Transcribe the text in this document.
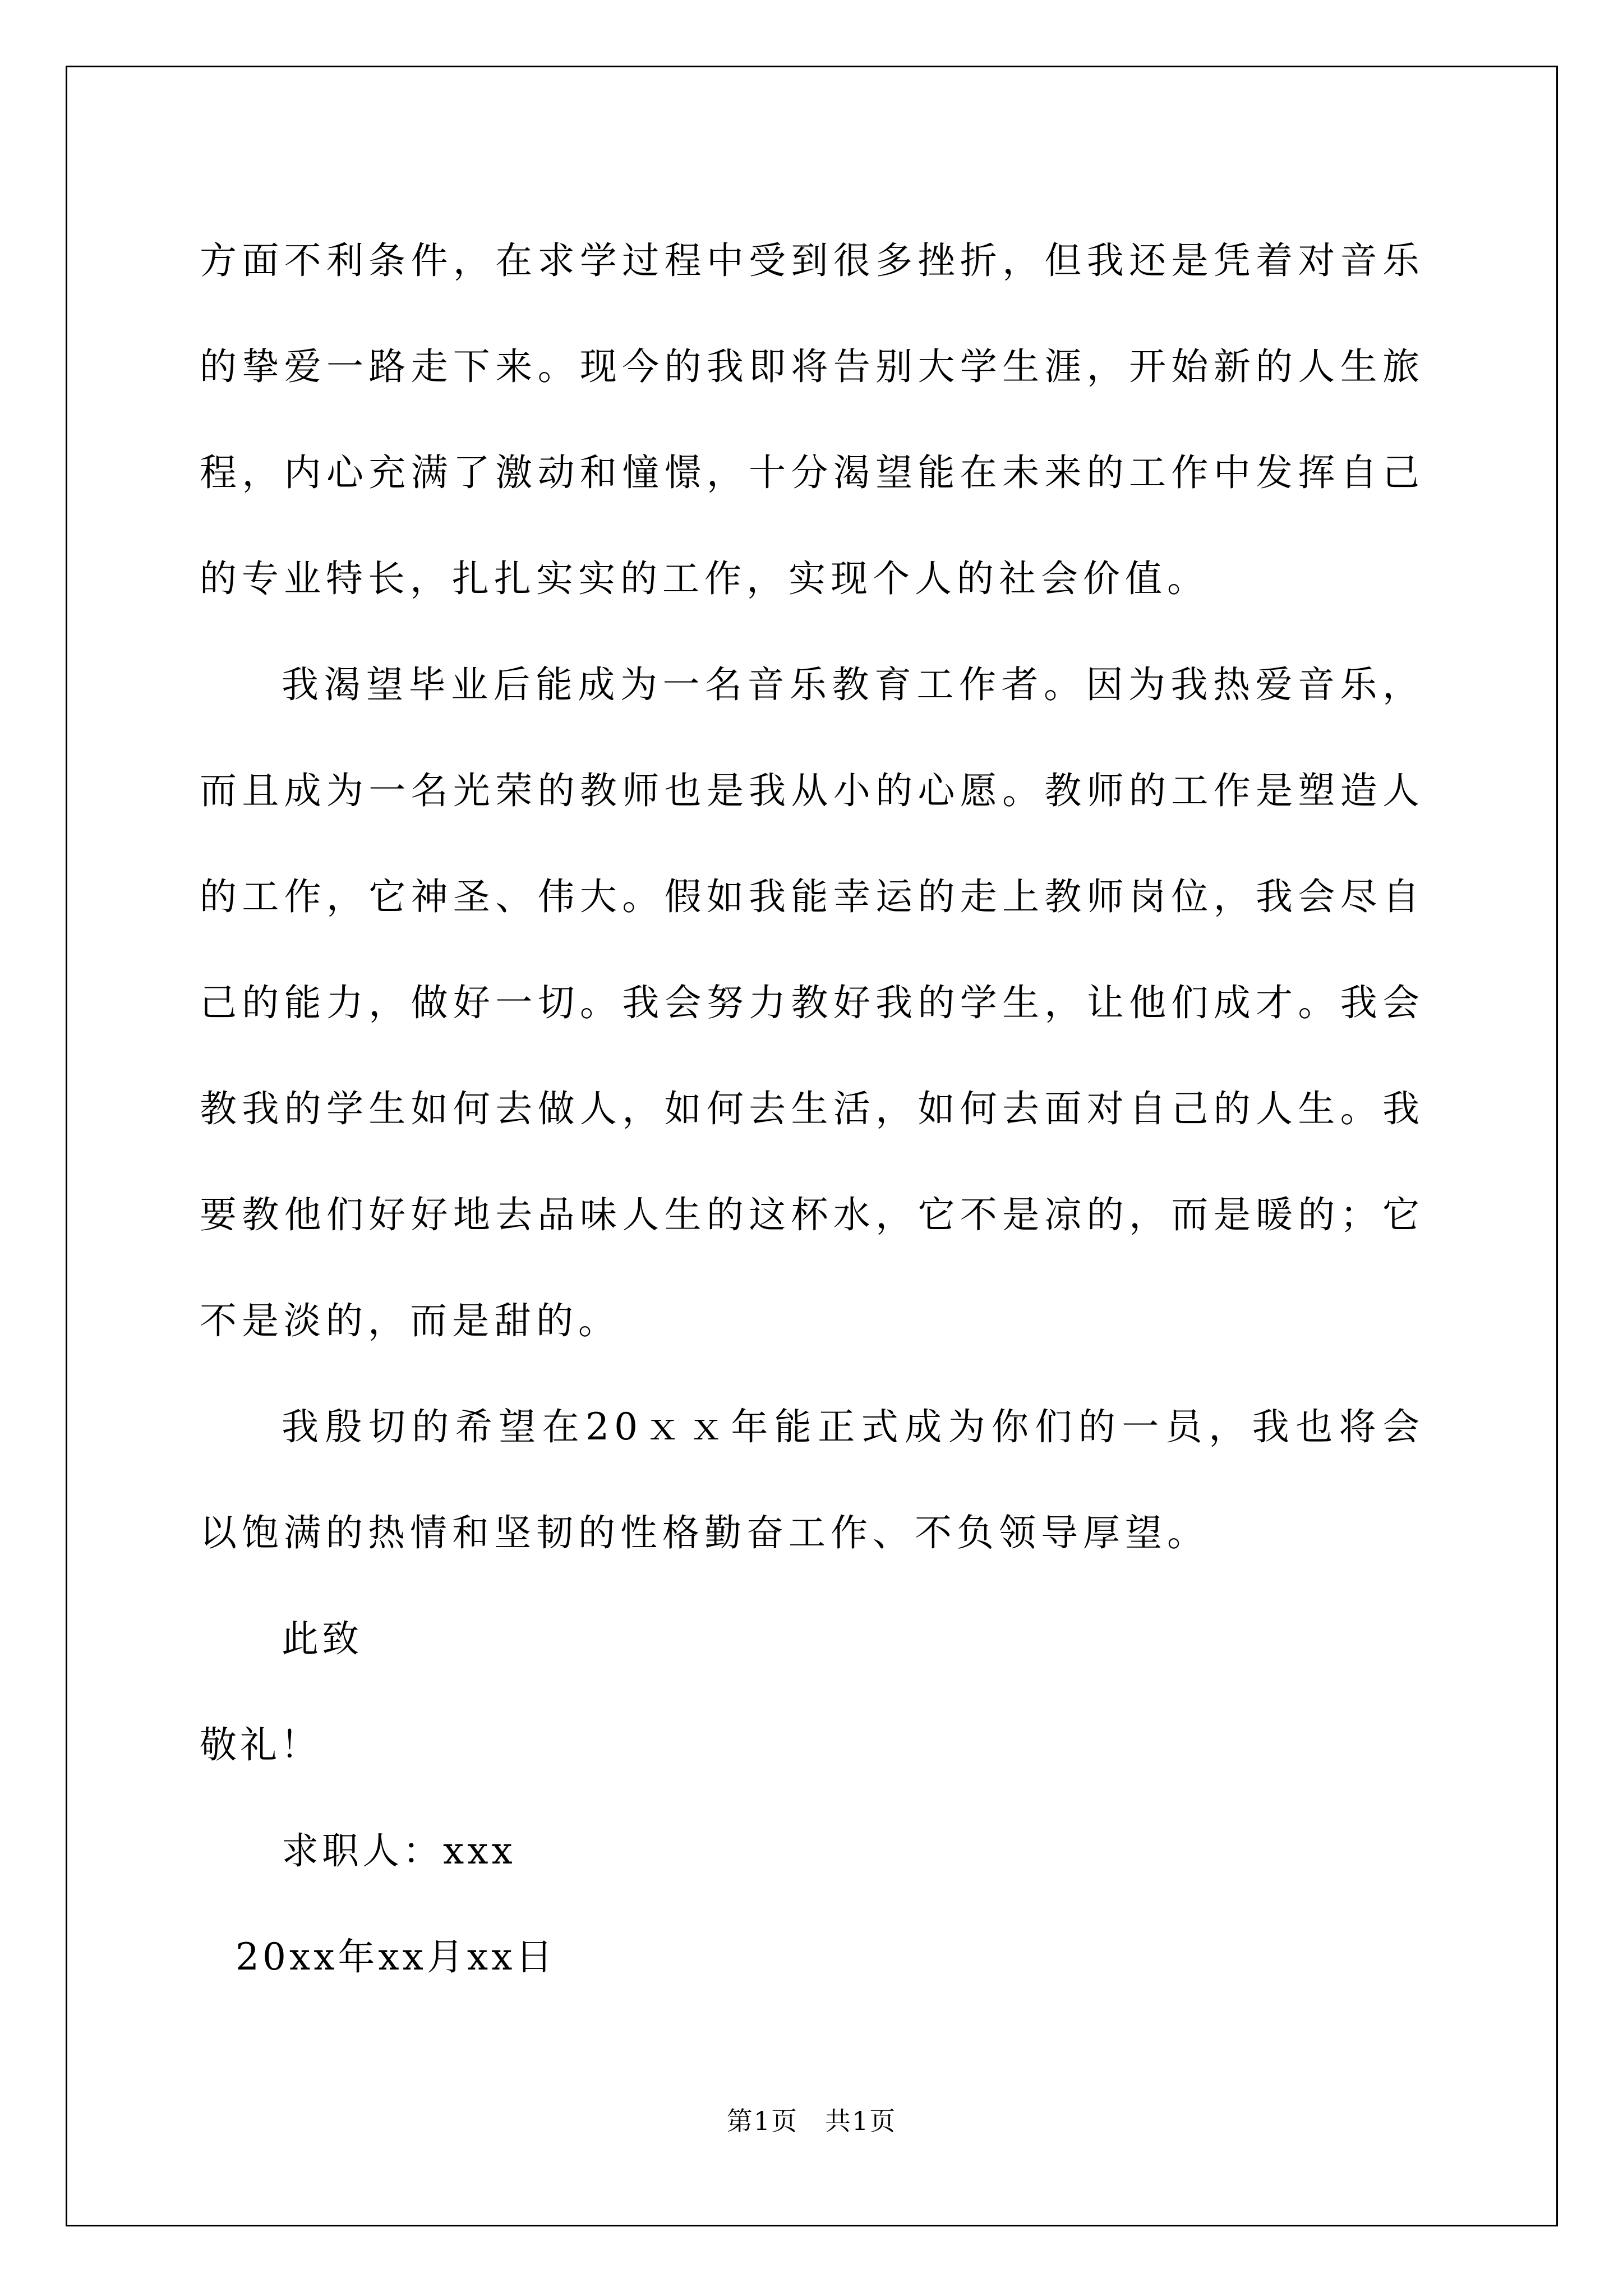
方面不利条件，在求学过程中受到很多挫折，但我还是凭着对音乐的挚爱一路走下来。现今的我即将告别大学生涯，开始新的人生旅程，内心充满了激动和憧憬，十分渴望能在未来的工作中发挥自己的专业特长，扎扎实实的工作，实现个人的社会价值。

我渴望毕业后能成为一名音乐教育工作者。因为我热爱音乐，而且成为一名光荣的教师也是我从小的心愿。教师的工作是塑造人的工作，它神圣、伟大。假如我能幸运的走上教师岗位，我会尽自己的能力，做好一切。我会努力教好我的学生，让他们成才。我会教我的学生如何去做人，如何去生活，如何去面对自己的人生。我要教他们好好地去品味人生的这杯水，它不是凉的，而是暖的；它不是淡的，而是甜的。

我殷切的希望在20ｘｘ年能正式成为你们的一员，我也将会以饱满的热情和坚韧的性格勤奋工作、不负领导厚望。

此致

敬礼！

求职人：xxx

20xx年xx月xx日

第1页　共1页
